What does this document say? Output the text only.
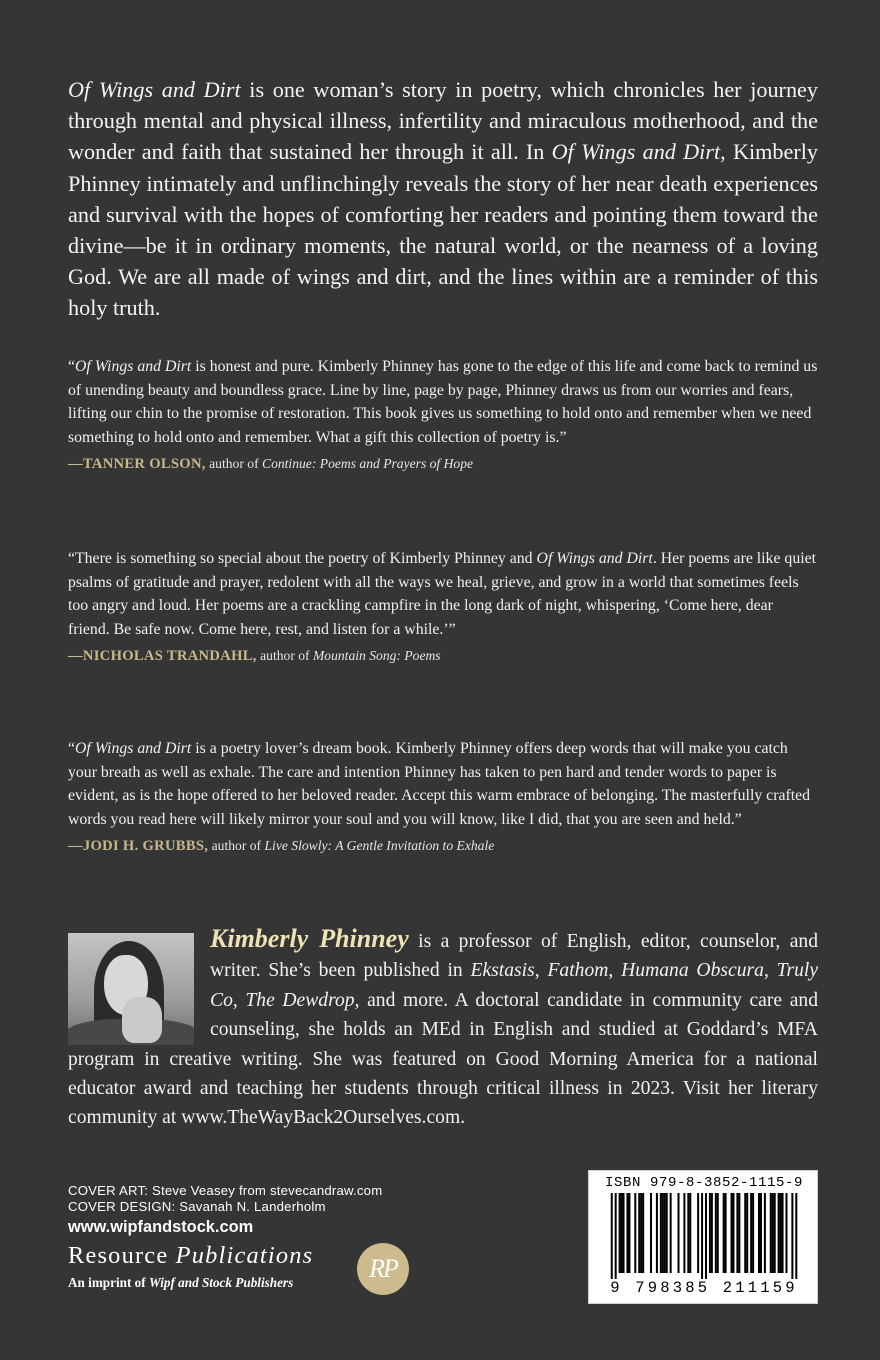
Of Wings and Dirt is one woman’s story in poetry, which chronicles her journey through mental and physical illness, infertility and miraculous motherhood, and the wonder and faith that sustained her through it all. In Of Wings and Dirt, Kimberly Phinney intimately and unflinchingly reveals the story of her near death experiences and survival with the hopes of comforting her readers and pointing them toward the divine—be it in ordinary moments, the natural world, or the nearness of a loving God. We are all made of wings and dirt, and the lines within are a reminder of this holy truth.

“Of Wings and Dirt is honest and pure. Kimberly Phinney has gone to the edge of this life and come back to remind us of unending beauty and boundless grace. Line by line, page by page, Phinney draws us from our worries and fears, lifting our chin to the promise of restoration. This book gives us something to hold onto and remember when we need something to hold onto and remember. What a gift this collection of poetry is.”

—TANNER OLSON, author of Continue: Poems and Prayers of Hope

“There is something so special about the poetry of Kimberly Phinney and Of Wings and Dirt. Her poems are like quiet psalms of gratitude and prayer, redolent with all the ways we heal, grieve, and grow in a world that sometimes feels too angry and loud. Her poems are a crackling campfire in the long dark of night, whispering, ‘Come here, dear friend. Be safe now. Come here, rest, and listen for a while.’”

—NICHOLAS TRANDAHL, author of Mountain Song: Poems

“Of Wings and Dirt is a poetry lover’s dream book. Kimberly Phinney offers deep words that will make you catch your breath as well as exhale. The care and intention Phinney has taken to pen hard and tender words to paper is evident, as is the hope offered to her beloved reader. Accept this warm embrace of belonging. The masterfully crafted words you read here will likely mirror your soul and you will know, like I did, that you are seen and held.”

—JODI H. GRUBBS, author of Live Slowly: A Gentle Invitation to Exhale
Kimberly Phinney is a professor of English, editor, counselor, and writer. She’s been published in Ekstasis, Fathom, Humana Obscura, Truly Co, The Dewdrop, and more. A doctoral candidate in community care and counseling, she holds an MEd in English and studied at Goddard’s MFA program in creative writing. She was featured on Good Morning America for a national educator award and teaching her students through critical illness in 2023. Visit her literary community at www.TheWayBack2Ourselves.com.
COVER ART: Steve Veasey from stevecandraw.com
COVER DESIGN: Savanah N. Landerholm
www.wipfandstock.com
Resource Publications
An imprint of Wipf and Stock Publishers	RP
ISBN 979-8-3852-1115-9
9 798385 211159
